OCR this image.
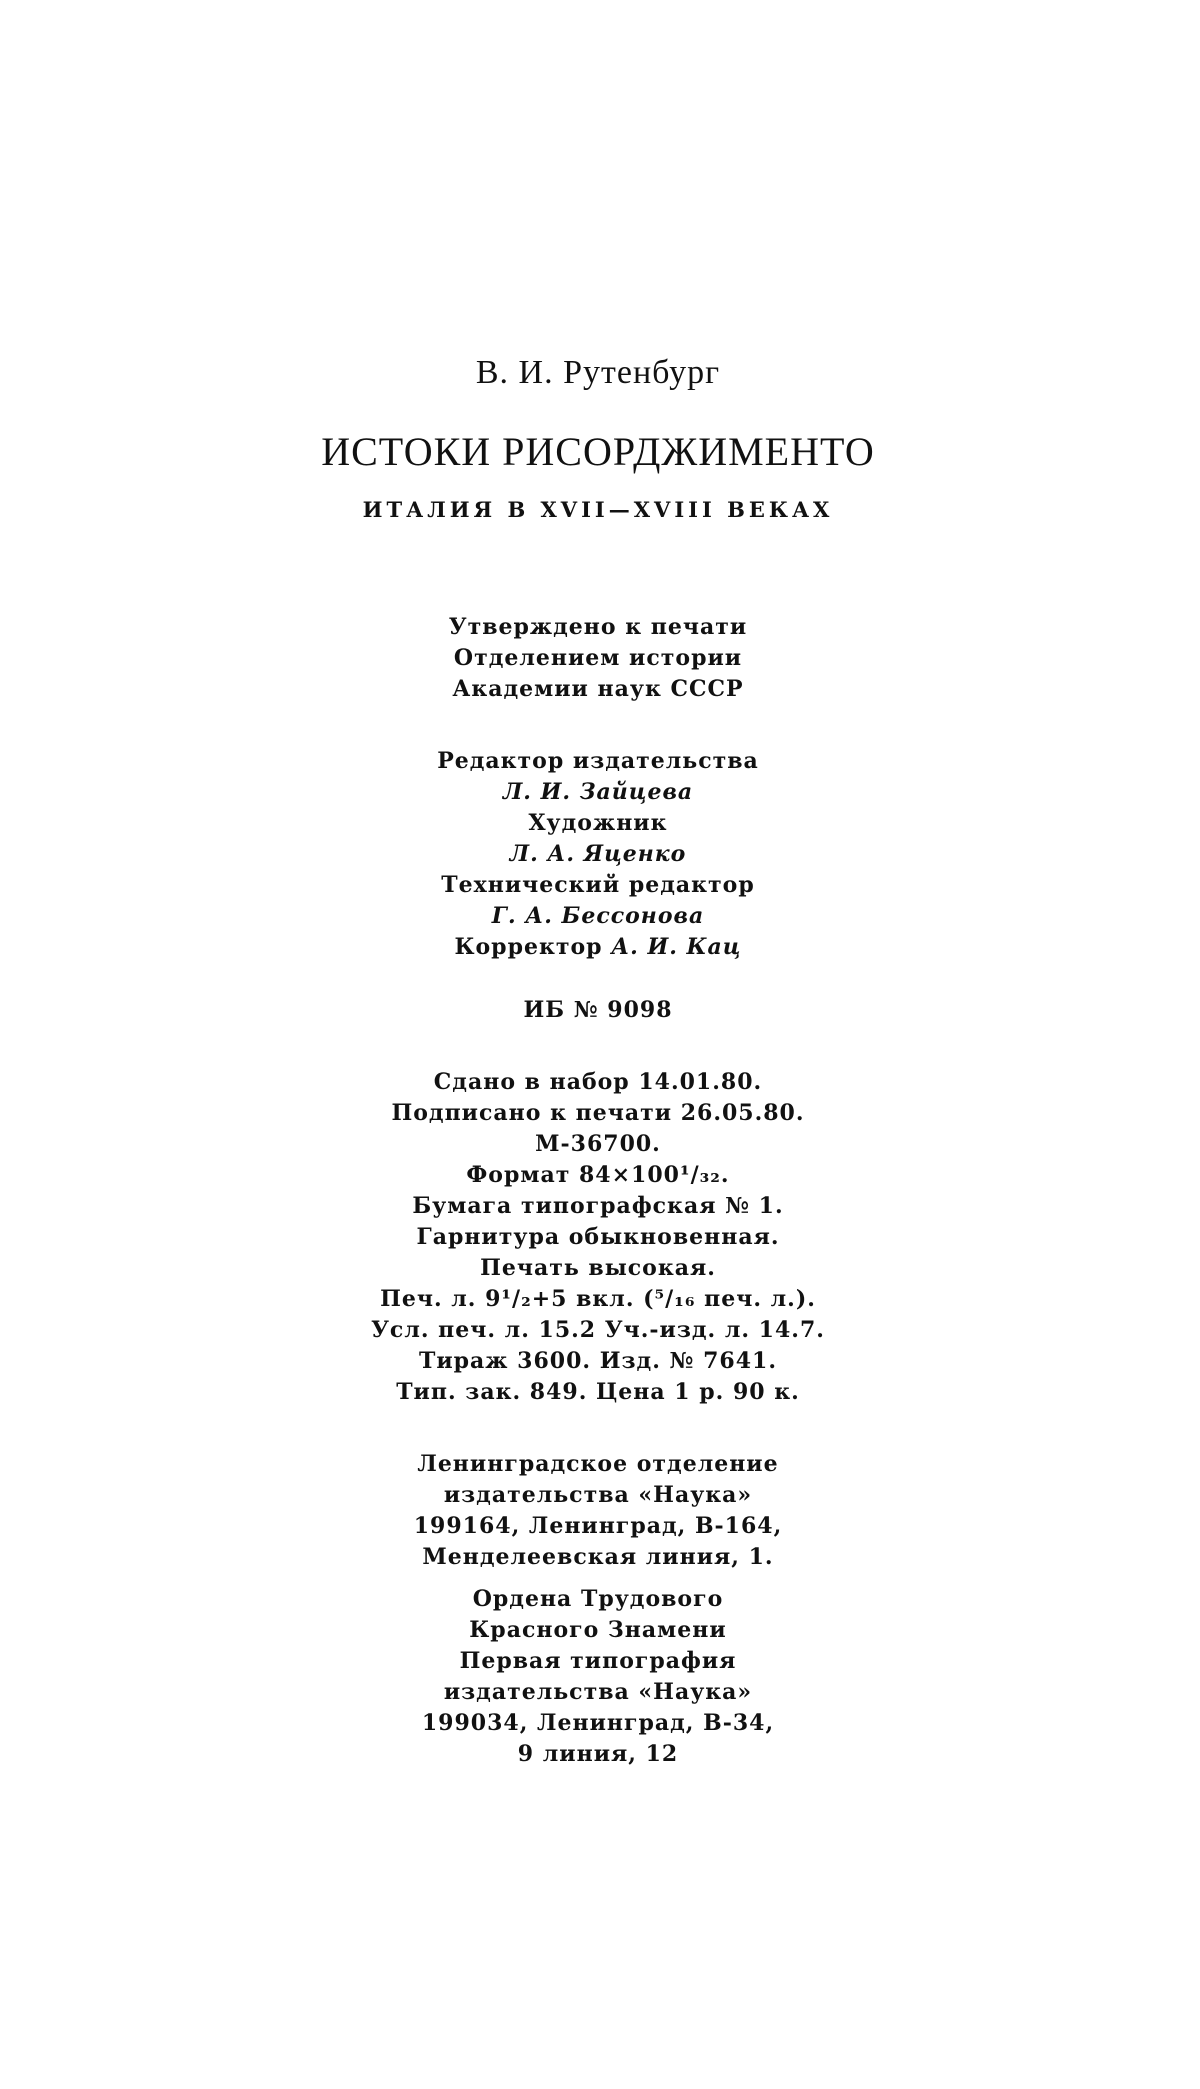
В. И. Рутенбург
ИСТОКИ РИСОРДЖИМЕНТО
ИТАЛИЯ В XVII—XVIII ВЕКАХ
Утверждено к печати
Отделением истории
Академии наук СССР
Редактор издательства
Л. И. Зайцева
Художник
Л. А. Яценко
Технический редактор
Г. А. Бессонова
Корректор А. И. Кац
ИБ № 9098
Сдано в набор 14.01.80.
Подписано к печати 26.05.80.
М-36700.
Формат 84×100¹/₃₂.
Бумага типографская № 1.
Гарнитура обыкновенная.
Печать высокая.
Печ. л. 9¹/₂+5 вкл. (⁵/₁₆ печ. л.).
Усл. печ. л. 15.2 Уч.-изд. л. 14.7.
Тираж 3600. Изд. № 7641.
Тип. зак. 849. Цена 1 р. 90 к.
Ленинградское отделение
издательства «Наука»
199164, Ленинград, В-164,
Менделеевская линия, 1.
Ордена Трудового
Красного Знамени
Первая типография
издательства «Наука»
199034, Ленинград, В-34,
9 линия, 12
